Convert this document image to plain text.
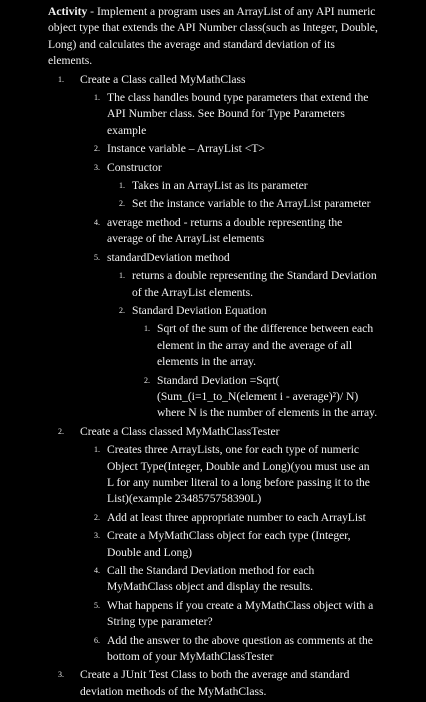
Activity - Implement a program uses an ArrayList of any API numeric object type that extends the API Number class(such as Integer, Double, Long) and calculates the average and standard deviation of its elements.

1. Create a Class called MyMathClass
1. The class handles bound type parameters that extend the API Number class. See Bound for Type Parameters example
2. Instance variable – ArrayList <T>
3. Constructor
1. Takes in an ArrayList as its parameter
2. Set the instance variable to the ArrayList parameter
4. average method - returns a double representing the average of the ArrayList elements
5. standardDeviation method
1. returns a double representing the Standard Deviation of the ArrayList elements.
2. Standard Deviation Equation
1. Sqrt of the sum of the difference between each element in the array and the average of all elements in the array.
2. Standard Deviation =Sqrt( (Sum_(i=1_to_N(element i - average)²)/ N) where N is the number of elements in the array.
2. Create a Class classed MyMathClassTester
1. Creates three ArrayLists, one for each type of numeric Object Type(Integer, Double and Long)(you must use an L for any number literal to a long before passing it to the List)(example 2348575758390L)
2. Add at least three appropriate number to each ArrayList
3. Create a MyMathClass object for each type (Integer, Double and Long)
4. Call the Standard Deviation method for each MyMathClass object and display the results.
5. What happens if you create a MyMathClass object with a String type parameter?
6. Add the answer to the above question as comments at the bottom of your MyMathClassTester
3. Create a JUnit Test Class to both the average and standard deviation methods of the MyMathClass.
